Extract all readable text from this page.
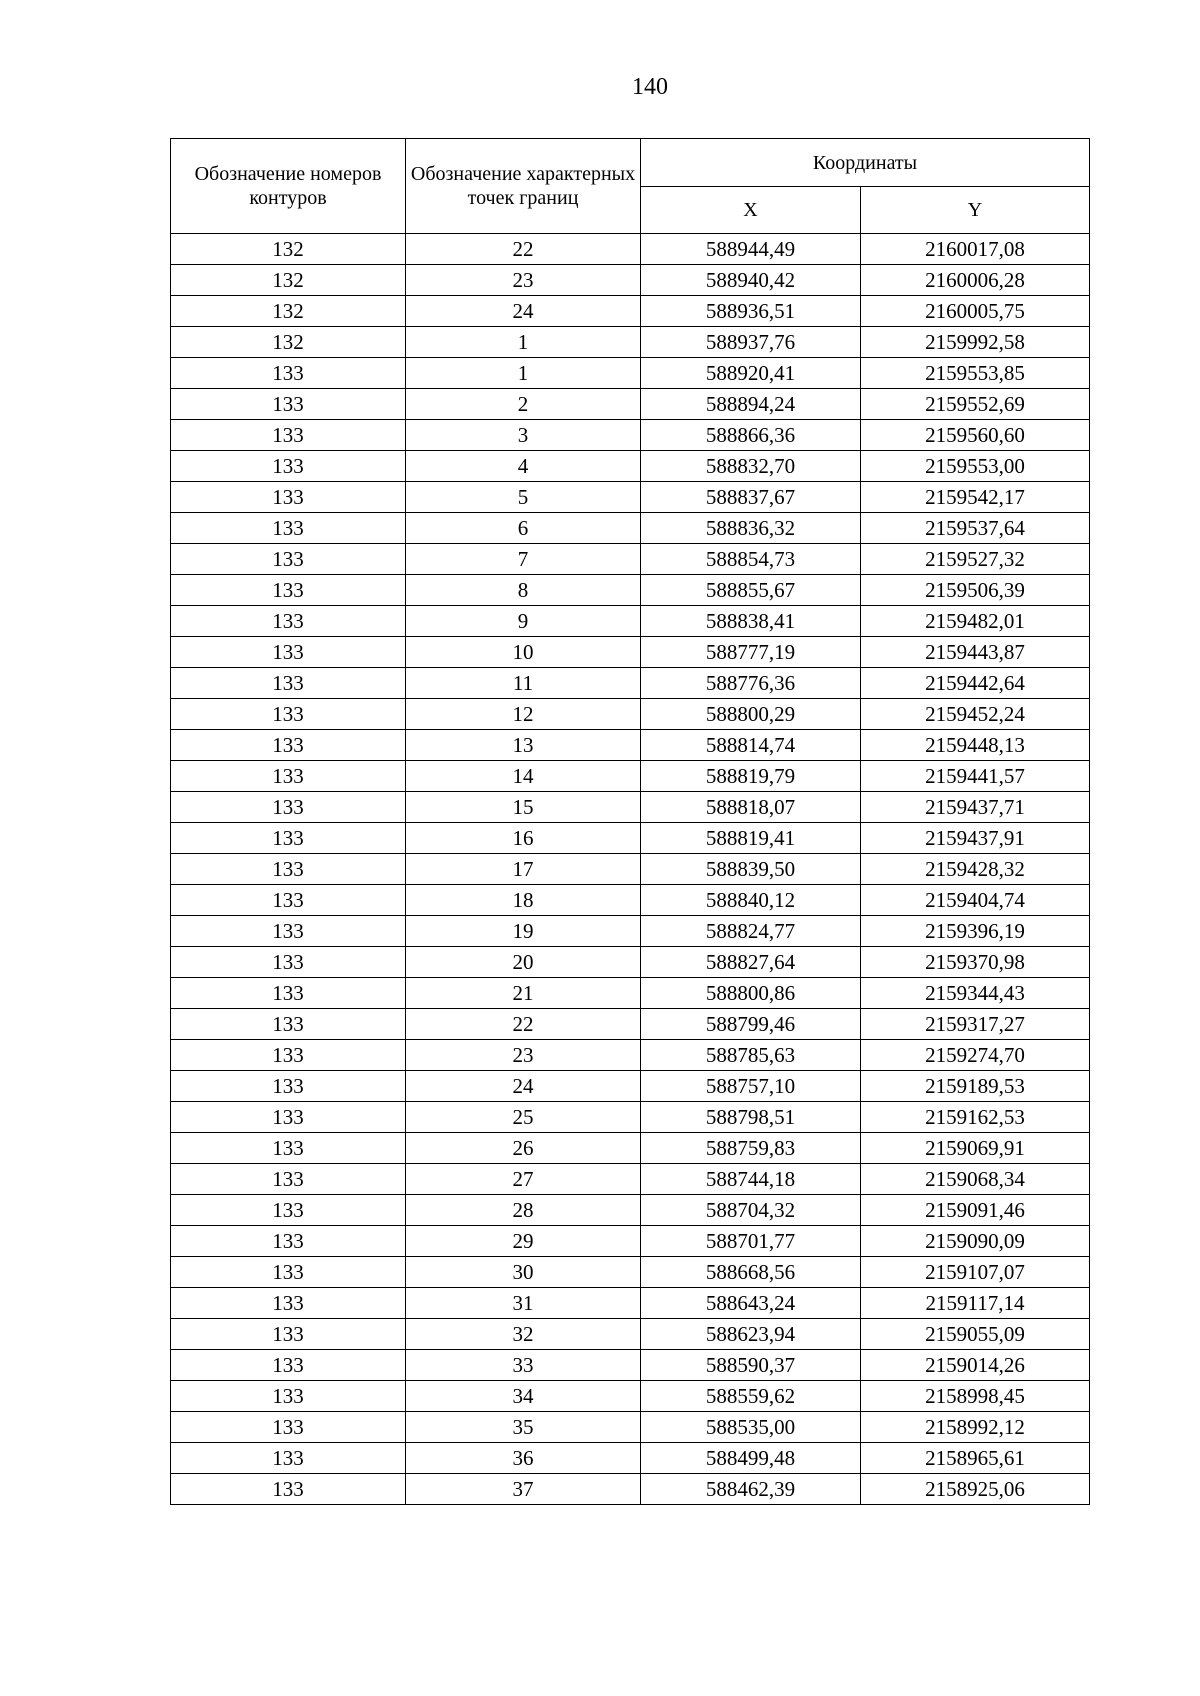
140
Обозначение номеров контуров	Обозначение характерных точек границ	Координаты	
		X	Y
132	22	588944,49	2160017,08
132	23	588940,42	2160006,28
132	24	588936,51	2160005,75
132	1	588937,76	2159992,58
133	1	588920,41	2159553,85
133	2	588894,24	2159552,69
133	3	588866,36	2159560,60
133	4	588832,70	2159553,00
133	5	588837,67	2159542,17
133	6	588836,32	2159537,64
133	7	588854,73	2159527,32
133	8	588855,67	2159506,39
133	9	588838,41	2159482,01
133	10	588777,19	2159443,87
133	11	588776,36	2159442,64
133	12	588800,29	2159452,24
133	13	588814,74	2159448,13
133	14	588819,79	2159441,57
133	15	588818,07	2159437,71
133	16	588819,41	2159437,91
133	17	588839,50	2159428,32
133	18	588840,12	2159404,74
133	19	588824,77	2159396,19
133	20	588827,64	2159370,98
133	21	588800,86	2159344,43
133	22	588799,46	2159317,27
133	23	588785,63	2159274,70
133	24	588757,10	2159189,53
133	25	588798,51	2159162,53
133	26	588759,83	2159069,91
133	27	588744,18	2159068,34
133	28	588704,32	2159091,46
133	29	588701,77	2159090,09
133	30	588668,56	2159107,07
133	31	588643,24	2159117,14
133	32	588623,94	2159055,09
133	33	588590,37	2159014,26
133	34	588559,62	2158998,45
133	35	588535,00	2158992,12
133	36	588499,48	2158965,61
133	37	588462,39	2158925,06
